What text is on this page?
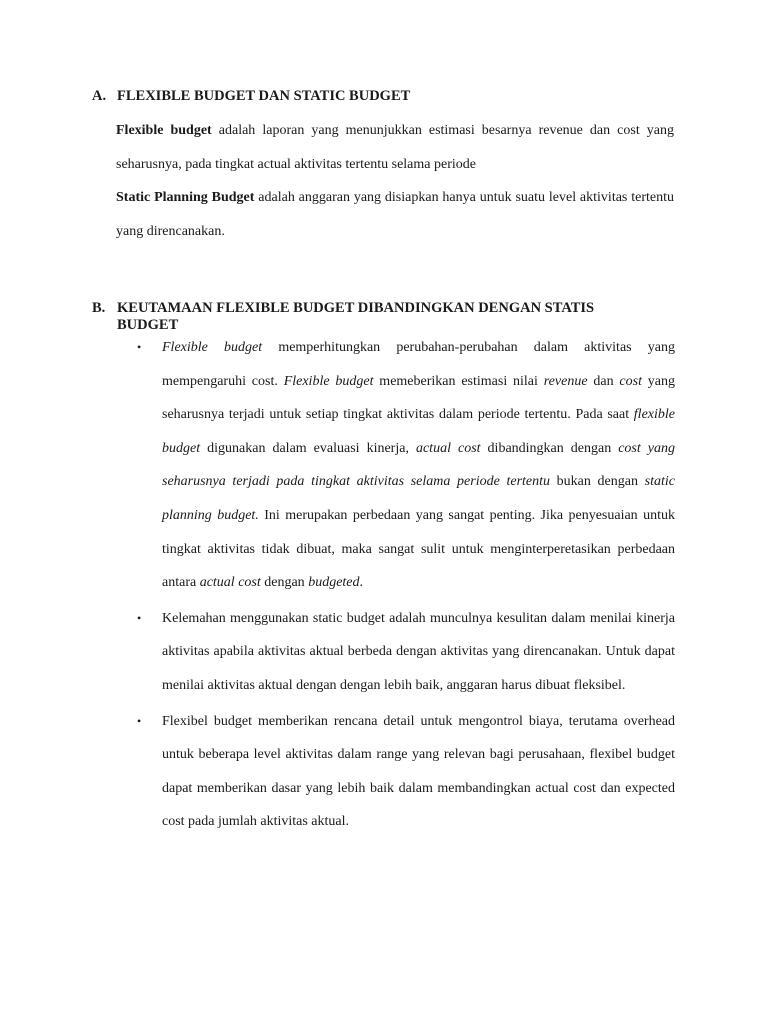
A. FLEXIBLE BUDGET DAN STATIC BUDGET
Flexible budget adalah laporan yang menunjukkan estimasi besarnya revenue dan cost yang seharusnya, pada tingkat actual aktivitas tertentu selama periode
Static Planning Budget adalah anggaran yang disiapkan hanya untuk suatu level aktivitas tertentu yang direncanakan.
B. KEUTAMAAN FLEXIBLE BUDGET DIBANDINGKAN DENGAN STATIS
BUDGET
• Flexible budget memperhitungkan perubahan-perubahan dalam aktivitas yang mempengaruhi cost. Flexible budget memeberikan estimasi nilai revenue dan cost yang seharusnya terjadi untuk setiap tingkat aktivitas dalam periode tertentu. Pada saat flexible budget digunakan dalam evaluasi kinerja, actual cost dibandingkan dengan cost yang seharusnya terjadi pada tingkat aktivitas selama periode tertentu bukan dengan static planning budget. Ini merupakan perbedaan yang sangat penting. Jika penyesuaian untuk tingkat aktivitas tidak dibuat, maka sangat sulit untuk menginterperetasikan perbedaan antara actual cost dengan budgeted.
• Kelemahan menggunakan static budget adalah munculnya kesulitan dalam menilai kinerja aktivitas apabila aktivitas aktual berbeda dengan aktivitas yang direncanakan. Untuk dapat menilai aktivitas aktual dengan dengan lebih baik, anggaran harus dibuat fleksibel.
• Flexibel budget memberikan rencana detail untuk mengontrol biaya, terutama overhead untuk beberapa level aktivitas dalam range yang relevan bagi perusahaan, flexibel budget dapat memberikan dasar yang lebih baik dalam membandingkan actual cost dan expected cost pada jumlah aktivitas aktual.
